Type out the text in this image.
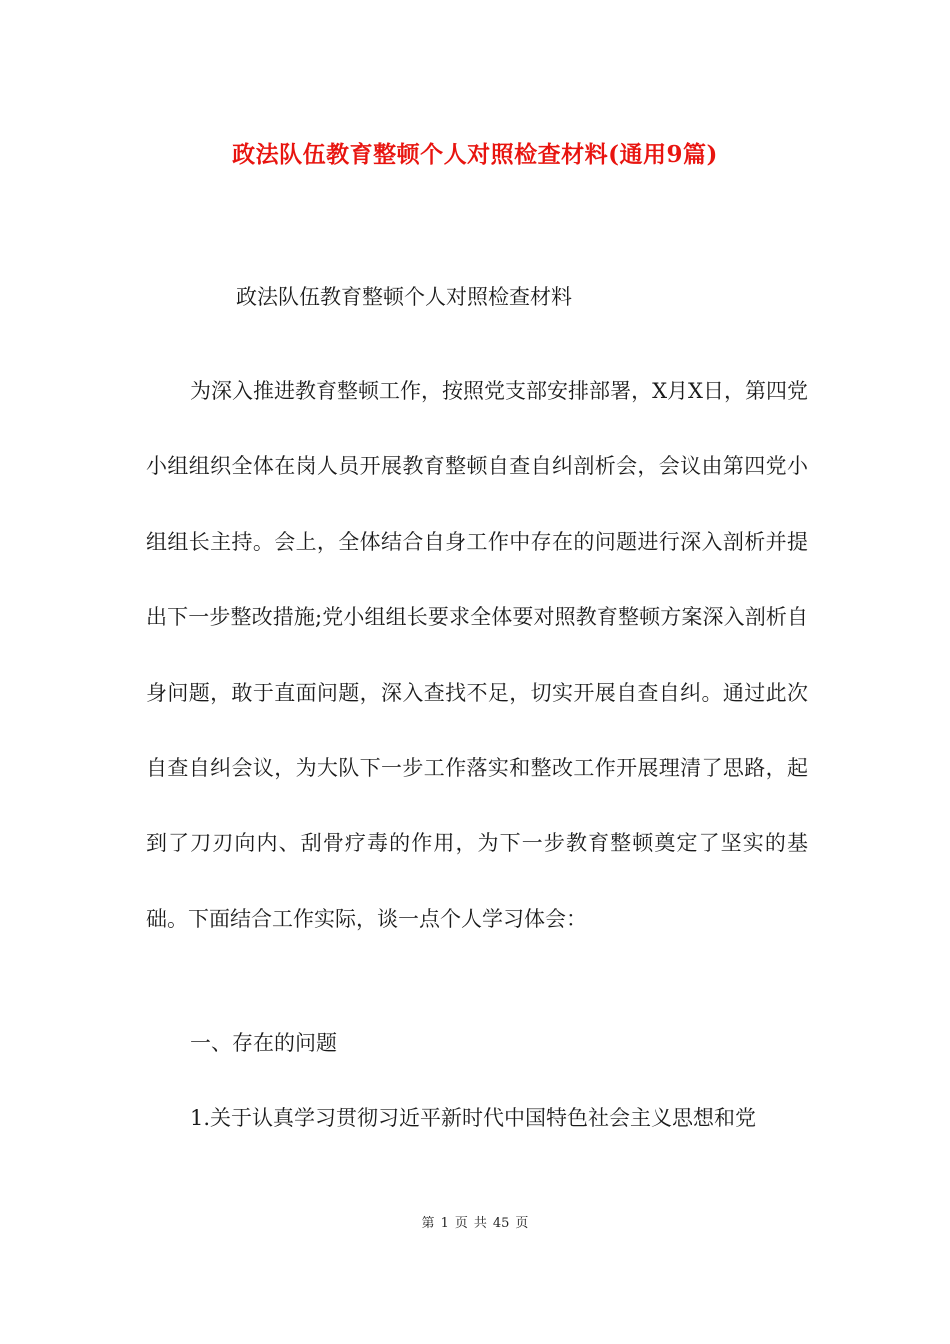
政法队伍教育整顿个人对照检查材料(通用9篇)
政法队伍教育整顿个人对照检查材料

为深入推进教育整顿工作，按照党支部安排部署，X月X日，第四党小组组织全体在岗人员开展教育整顿自查自纠剖析会，会议由第四党小组组长主持。会上，全体结合自身工作中存在的问题进行深入剖析并提出下一步整改措施;党小组组长要求全体要对照教育整顿方案深入剖析自身问题，敢于直面问题，深入查找不足，切实开展自查自纠。通过此次自查自纠会议，为大队下一步工作落实和整改工作开展理清了思路，起到了刀刃向内、刮骨疗毒的作用，为下一步教育整顿奠定了坚实的基础。下面结合工作实际，谈一点个人学习体会：

一、存在的问题
1.关于认真学习贯彻习近平新时代中国特色社会主义思想和党
第 1 页 共 45 页
